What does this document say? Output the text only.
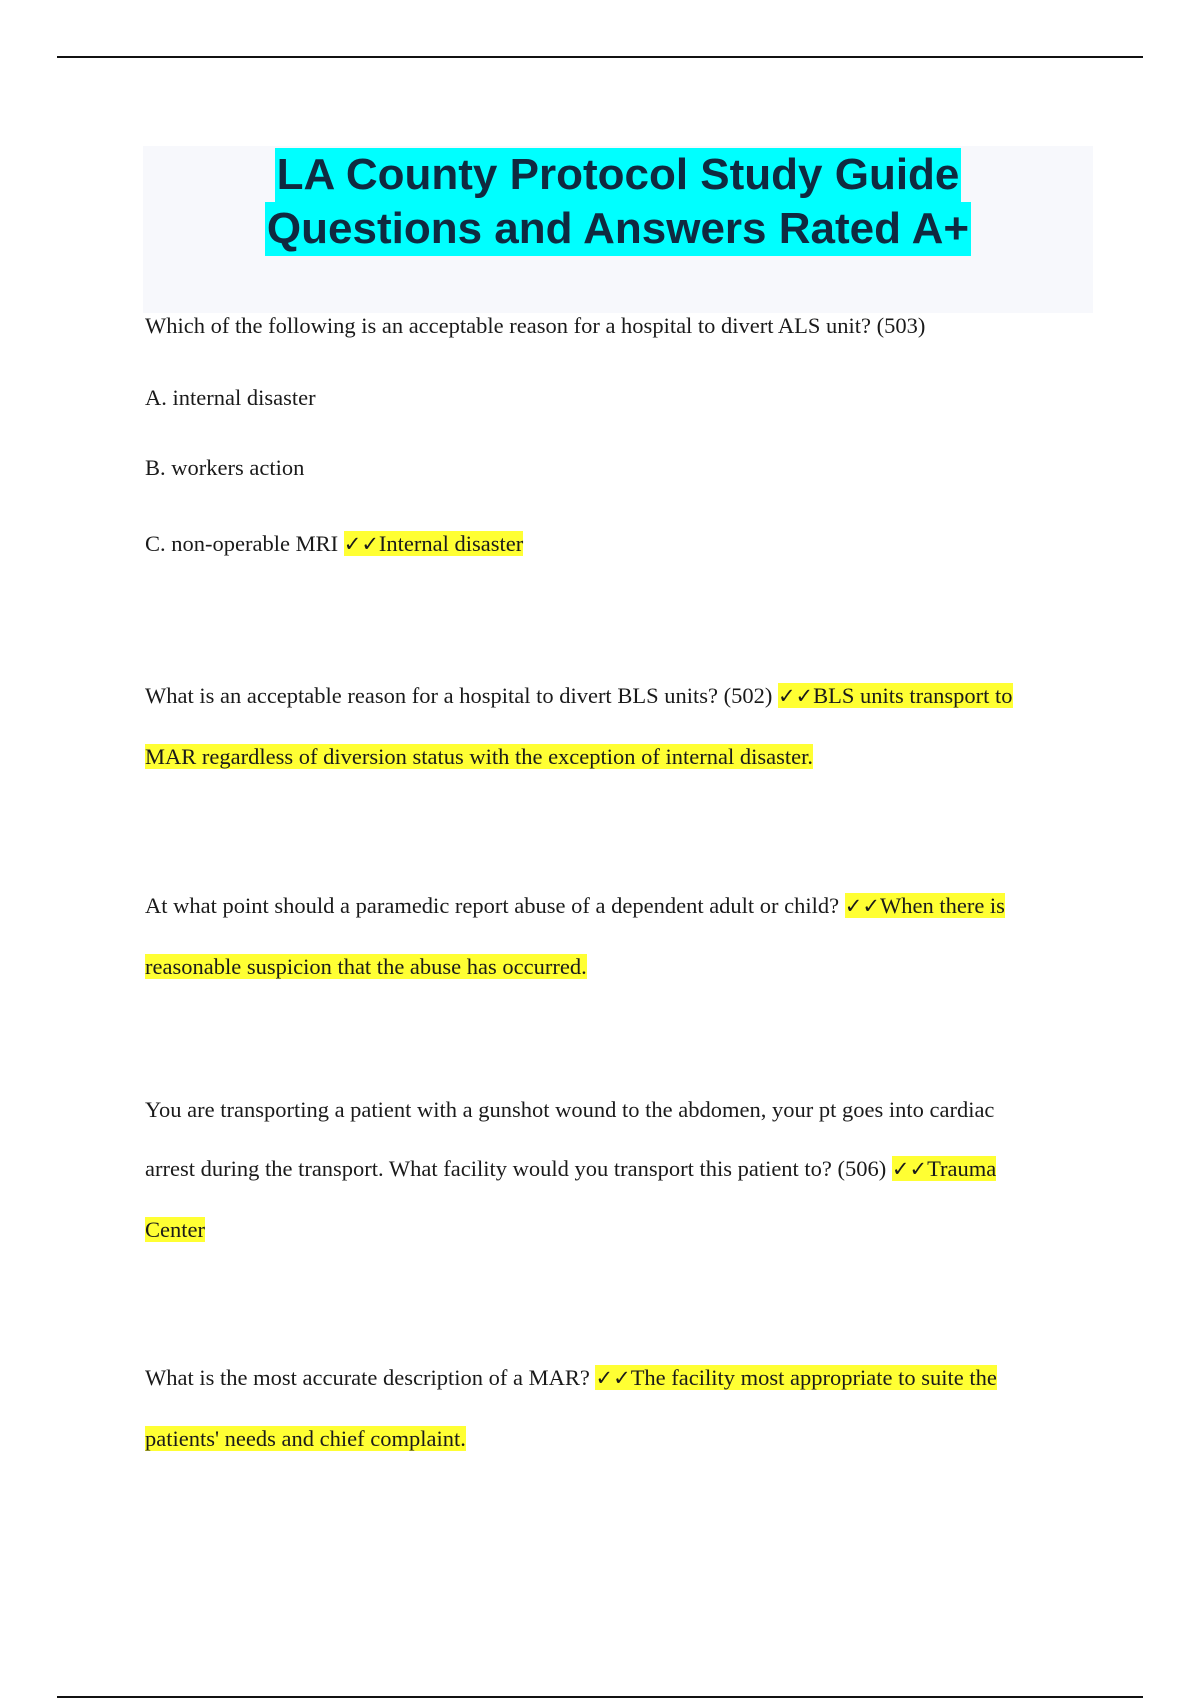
LA County Protocol Study Guide
Questions and Answers Rated A+
Which of the following is an acceptable reason for a hospital to divert ALS unit? (503)
A. internal disaster
B. workers action
C. non-operable MRI ✓✓Internal disaster
What is an acceptable reason for a hospital to divert BLS units? (502) ✓✓BLS units transport to
MAR regardless of diversion status with the exception of internal disaster.
At what point should a paramedic report abuse of a dependent adult or child? ✓✓When there is
reasonable suspicion that the abuse has occurred.
You are transporting a patient with a gunshot wound to the abdomen, your pt goes into cardiac
arrest during the transport. What facility would you transport this patient to? (506) ✓✓Trauma
Center
What is the most accurate description of a MAR? ✓✓The facility most appropriate to suite the
patients' needs and chief complaint.
